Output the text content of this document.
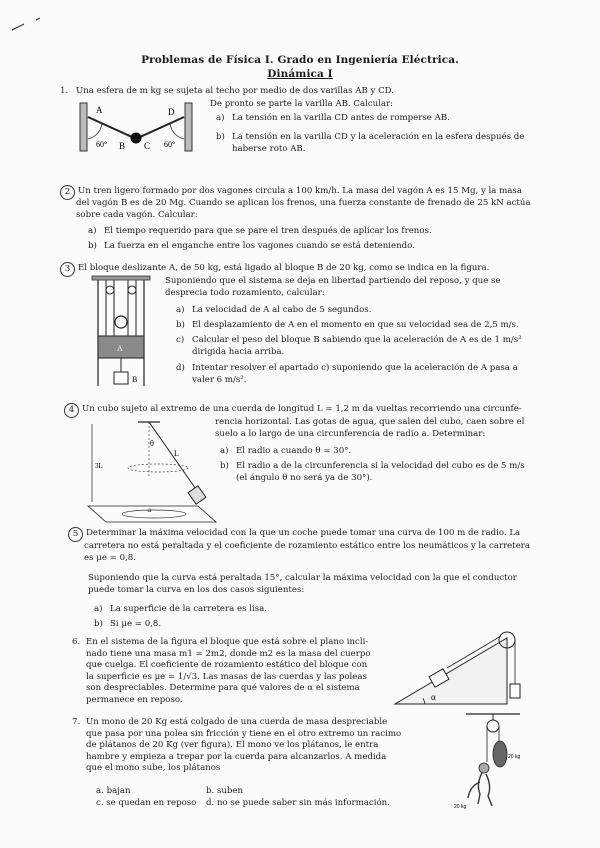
Problemas de Física I. Grado en Ingeniería Eléctrica.
Dinámica I
1. Una esfera de m kg se sujeta al techo por medio de dos varillas AB y CD.
De pronto se parte la varilla AB. Calcular:
a) La tensión en la varilla CD antes de romperse AB.
b) La tensión en la varilla CD y la aceleración en la esfera después de
haberse roto AB.
A	D
B C
60°	60°
2 Un tren ligero formado por dos vagones circula a 100 km/h. La masa del vagón A es 15 Mg, y la masa
del vagón B es de 20 Mg. Cuando se aplican los frenos, una fuerza constante de frenado de 25 kN actúa
sobre cada vagón. Calcular:
a) El tiempo requerido para que se pare el tren después de aplicar los frenos.
b) La fuerza en el enganche entre los vagones cuando se está deteniendo.
3 El bloque deslizante A, de 50 kg, está ligado al bloque B de 20 kg, como se indica en la figura.
Suponiendo que el sistema se deja en libertad partiendo del reposo, y que se
desprecia todo rozamiento, calcular:
a) La velocidad de A al cabo de 5 segundos.
b) El desplazamiento de A en el momento en que su velocidad sea de 2,5 m/s.
c) Calcular el peso del bloque B sabiendo que la aceleración de A es de 1 m/s²
dirigida hacia arriba.
d) Intentar resolver el apartado c) suponiendo que la aceleración de A pasa a
valer 6 m/s².
A
B
4 Un cubo sujeto al extremo de una cuerda de longitud L = 1,2 m da vueltas recorriendo una circunfe-
rencia horizontal. Las gotas de agua, que salen del cubo, caen sobre el
suelo a lo largo de una circunferencia de radio a. Determinar:
a) El radio a cuando θ = 30°.
b) El radio a de la circunferencia si la velocidad del cubo es de 5 m/s
(el ángulo θ no será ya de 30°).
L
θ
3L
a
5 Determinar la máxima velocidad con la que un coche puede tomar una curva de 100 m de radio. La
carretera no está peraltada y el coeficiente de rozamiento estático entre los neumáticos y la carretera
es μe = 0,8.
Suponiendo que la curva está peraltada 15°, calcular la máxima velocidad con la que el conductor
puede tomar la curva en los dos casos siguientes:
a) La superficie de la carretera es lisa.
b) Si μe = 0,8.
6. En el sistema de la figura el bloque que está sobre el plano incli-
nado tiene una masa m1 = 2m2, donde m2 es la masa del cuerpo
que cuelga. El coeficiente de rozamiento estático del bloque con
la superficie es μe = 1/√3. Las masas de las cuerdas y las poleas
son despreciables. Determine para qué valores de α el sistema
permanece en reposo.	α
7. Un mono de 20 Kg está colgado de una cuerda de masa despreciable
que pasa por una polea sin fricción y tiene en el otro extremo un racimo
de plátanos de 20 Kg (ver figura). El mono ve los plátanos, le entra
hambre y empieza a trepar por la cuerda para alcanzarlos. A medida
que el mono sube, los plátanos
a. bajan	b. suben
c. se quedan en reposo d. no se puede saber sin más información.
20 kg
20 kg
